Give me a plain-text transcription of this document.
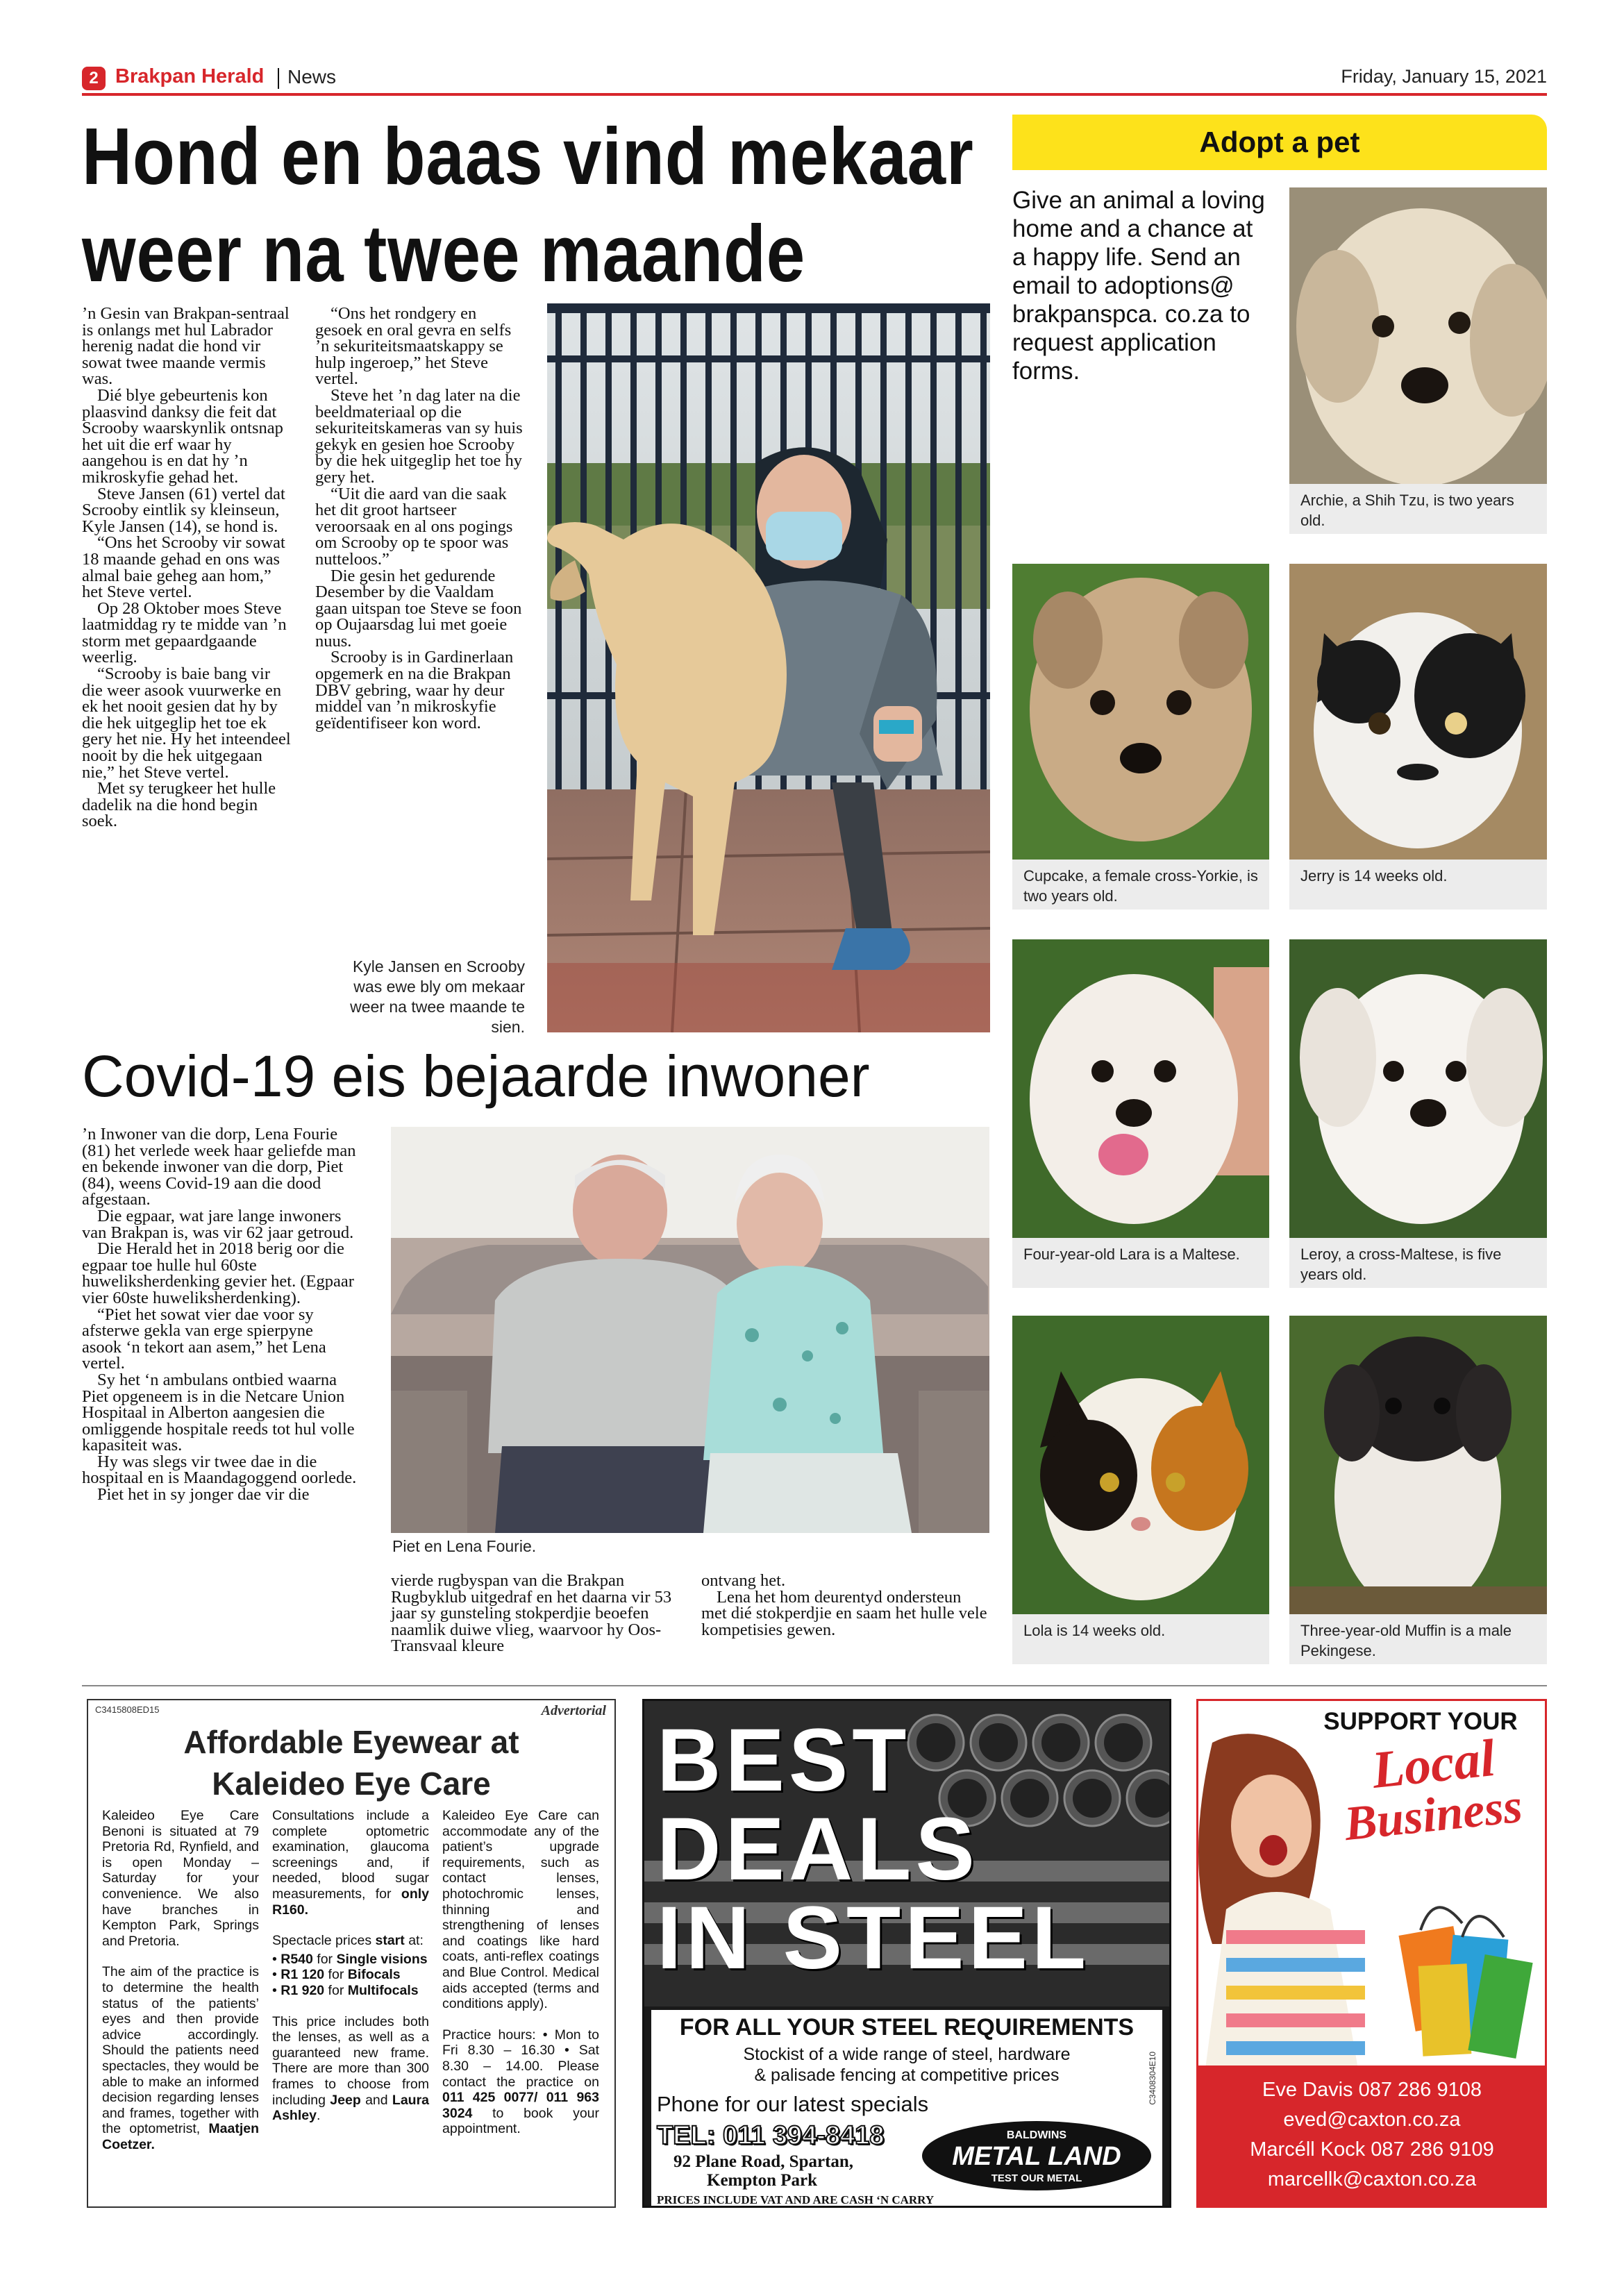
2 Brakpan Herald News	Friday, January 15, 2021
Hond en baas vind mekaar
weer na twee maande

’n Gesin van Brakpan-sentraal is onlangs met hul Labrador herenig nadat die hond vir sowat twee maande vermis was.

Dié blye gebeurtenis kon plaasvind danksy die feit dat Scrooby waarskynlik ontsnap het uit die erf waar hy aangehou is en dat hy ’n mikroskyfie gehad het.

Steve Jansen (61) vertel dat Scrooby eintlik sy kleinseun, Kyle Jansen (14), se hond is.

“Ons het Scrooby vir sowat 18 maande gehad en ons was almal baie geheg aan hom,” het Steve vertel.

Op 28 Oktober moes Steve laatmiddag ry te midde van ’n storm met gepaardgaande weerlig.

“Scrooby is baie bang vir die weer asook vuurwerke en ek het nooit gesien dat hy by die hek uitgeglip het toe ek gery het nie. Hy het inteendeel nooit by die hek uitgegaan nie,” het Steve vertel.

Met sy terugkeer het hulle dadelik na die hond begin soek.

“Ons het rondgery en gesoek en oral gevra en selfs ’n sekuriteitsmaatskappy se hulp ingeroep,” het Steve vertel.

Steve het ’n dag later na die beeldmateriaal op die sekuriteitskameras van sy huis gekyk en gesien hoe Scrooby by die hek uitgeglip het toe hy gery het.

“Uit die aard van die saak het dit groot hartseer veroorsaak en al ons pogings om Scrooby op te spoor was nutteloos.”

Die gesin het gedurende Desember by die Vaaldam gaan uitspan toe Steve se foon op Oujaarsdag lui met goeie nuus.

Scrooby is in Gardinerlaan opgemerk en na die Brakpan DBV gebring, waar hy deur middel van ’n mikroskyfie geïdentifiseer kon word.

Kyle Jansen en Scrooby was ewe bly om mekaar weer na twee maande te sien.
Covid-19 eis bejaarde inwoner

’n Inwoner van die dorp, Lena Fourie (81) het verlede week haar geliefde man en bekende inwoner van die dorp, Piet (84), weens Covid-19 aan die dood afgestaan.

Die egpaar, wat jare lange inwoners van Brakpan is, was vir 62 jaar getroud.

Die Herald het in 2018 berig oor die egpaar toe hulle hul 60ste huweliksherdenking gevier het. (Egpaar vier 60ste huweliksherdenking).

“Piet het sowat vier dae voor sy afsterwe gekla van erge spierpyne asook ‘n tekort aan asem,” het Lena vertel.

Sy het ‘n ambulans ontbied waarna Piet opgeneem is in die Netcare Union Hospitaal in Alberton aangesien die omliggende hospitale reeds tot hul volle kapasiteit was.

Hy was slegs vir twee dae in die hospitaal en is Maandagoggend oorlede.

Piet het in sy jonger dae vir die

Piet en Lena Fourie.

vierde rugbyspan van die Brakpan Rugbyklub uitgedraf en het daarna vir 53 jaar sy gunsteling stokperdjie beoefen naamlik duiwe vlieg, waarvoor hy Oos-Transvaal kleure

ontvang het.

Lena het hom deurentyd ondersteun met dié stokperdjie en saam het hulle vele kompetisies gewen.

Adopt a pet
Give an animal a loving home and a chance at a happy life. Send an email to adoptions@ brakpanspca. co.za to request application forms.
Archie, a Shih Tzu, is two years old.
Cupcake, a female cross-Yorkie, is two years old.
Jerry is 14 weeks old.
Four-year-old Lara is a Maltese.	Leroy, a cross-Maltese, is five years old.
Lola is 14 weeks old.	Three-year-old Muffin is a male Pekingese.
C3415808ED15	Advertorial
Affordable Eyewear at
Kaleideo Eye Care

Kaleideo Eye Care Benoni is situated at 79 Pretoria Rd, Rynfield, and is open Monday – Saturday for your convenience. We also have branches in Kempton Park, Springs and Pretoria.

The aim of the practice is to determine the health status of the patients’ eyes and then provide advice accordingly. Should the patients need spectacles, they would be able to make an informed decision regarding lenses and frames, together with the optometrist, Maatjen Coetzer.

Consultations include a complete optometric examination, glaucoma screenings and, if needed, blood sugar measurements, for only R160.

Spectacle prices start at:

• R540 for Single visions
• R1 120 for Bifocals
• R1 920 for Multifocals

This price includes both the lenses, as well as a guaranteed new frame. There are more than 300 frames to choose from including Jeep and Laura Ashley.

Kaleideo Eye Care can accommodate any of the patient’s upgrade requirements, such as contact lenses, photochromic lenses, thinning and strengthening of lenses and coatings like hard coats, anti-reflex coatings and Blue Control. Medical aids accepted (terms and conditions apply).

Practice hours: • Mon to Fri 8.30 – 16.30 • Sat 8.30 – 14.00. Please contact the practice on 011 425 0077/ 011 963 3024 to book your appointment.

BEST
DEALS
IN STEEL
FOR ALL YOUR STEEL REQUIREMENTS
Stockist of a wide range of steel, hardware
& palisade fencing at competitive prices
Phone for our latest specials
TEL: 011 394-8418
92 Plane Road, Spartan,
Kempton Park
BALDWINS
METAL LAND
TEST OUR METAL
C3408304E10
PRICES INCLUDE VAT AND ARE CASH ‘N CARRY
SUPPORT YOUR
Local
Business
Eve Davis 087 286 9108
eved@caxton.co.za
Marcéll Kock 087 286 9109
marcellk@caxton.co.za
